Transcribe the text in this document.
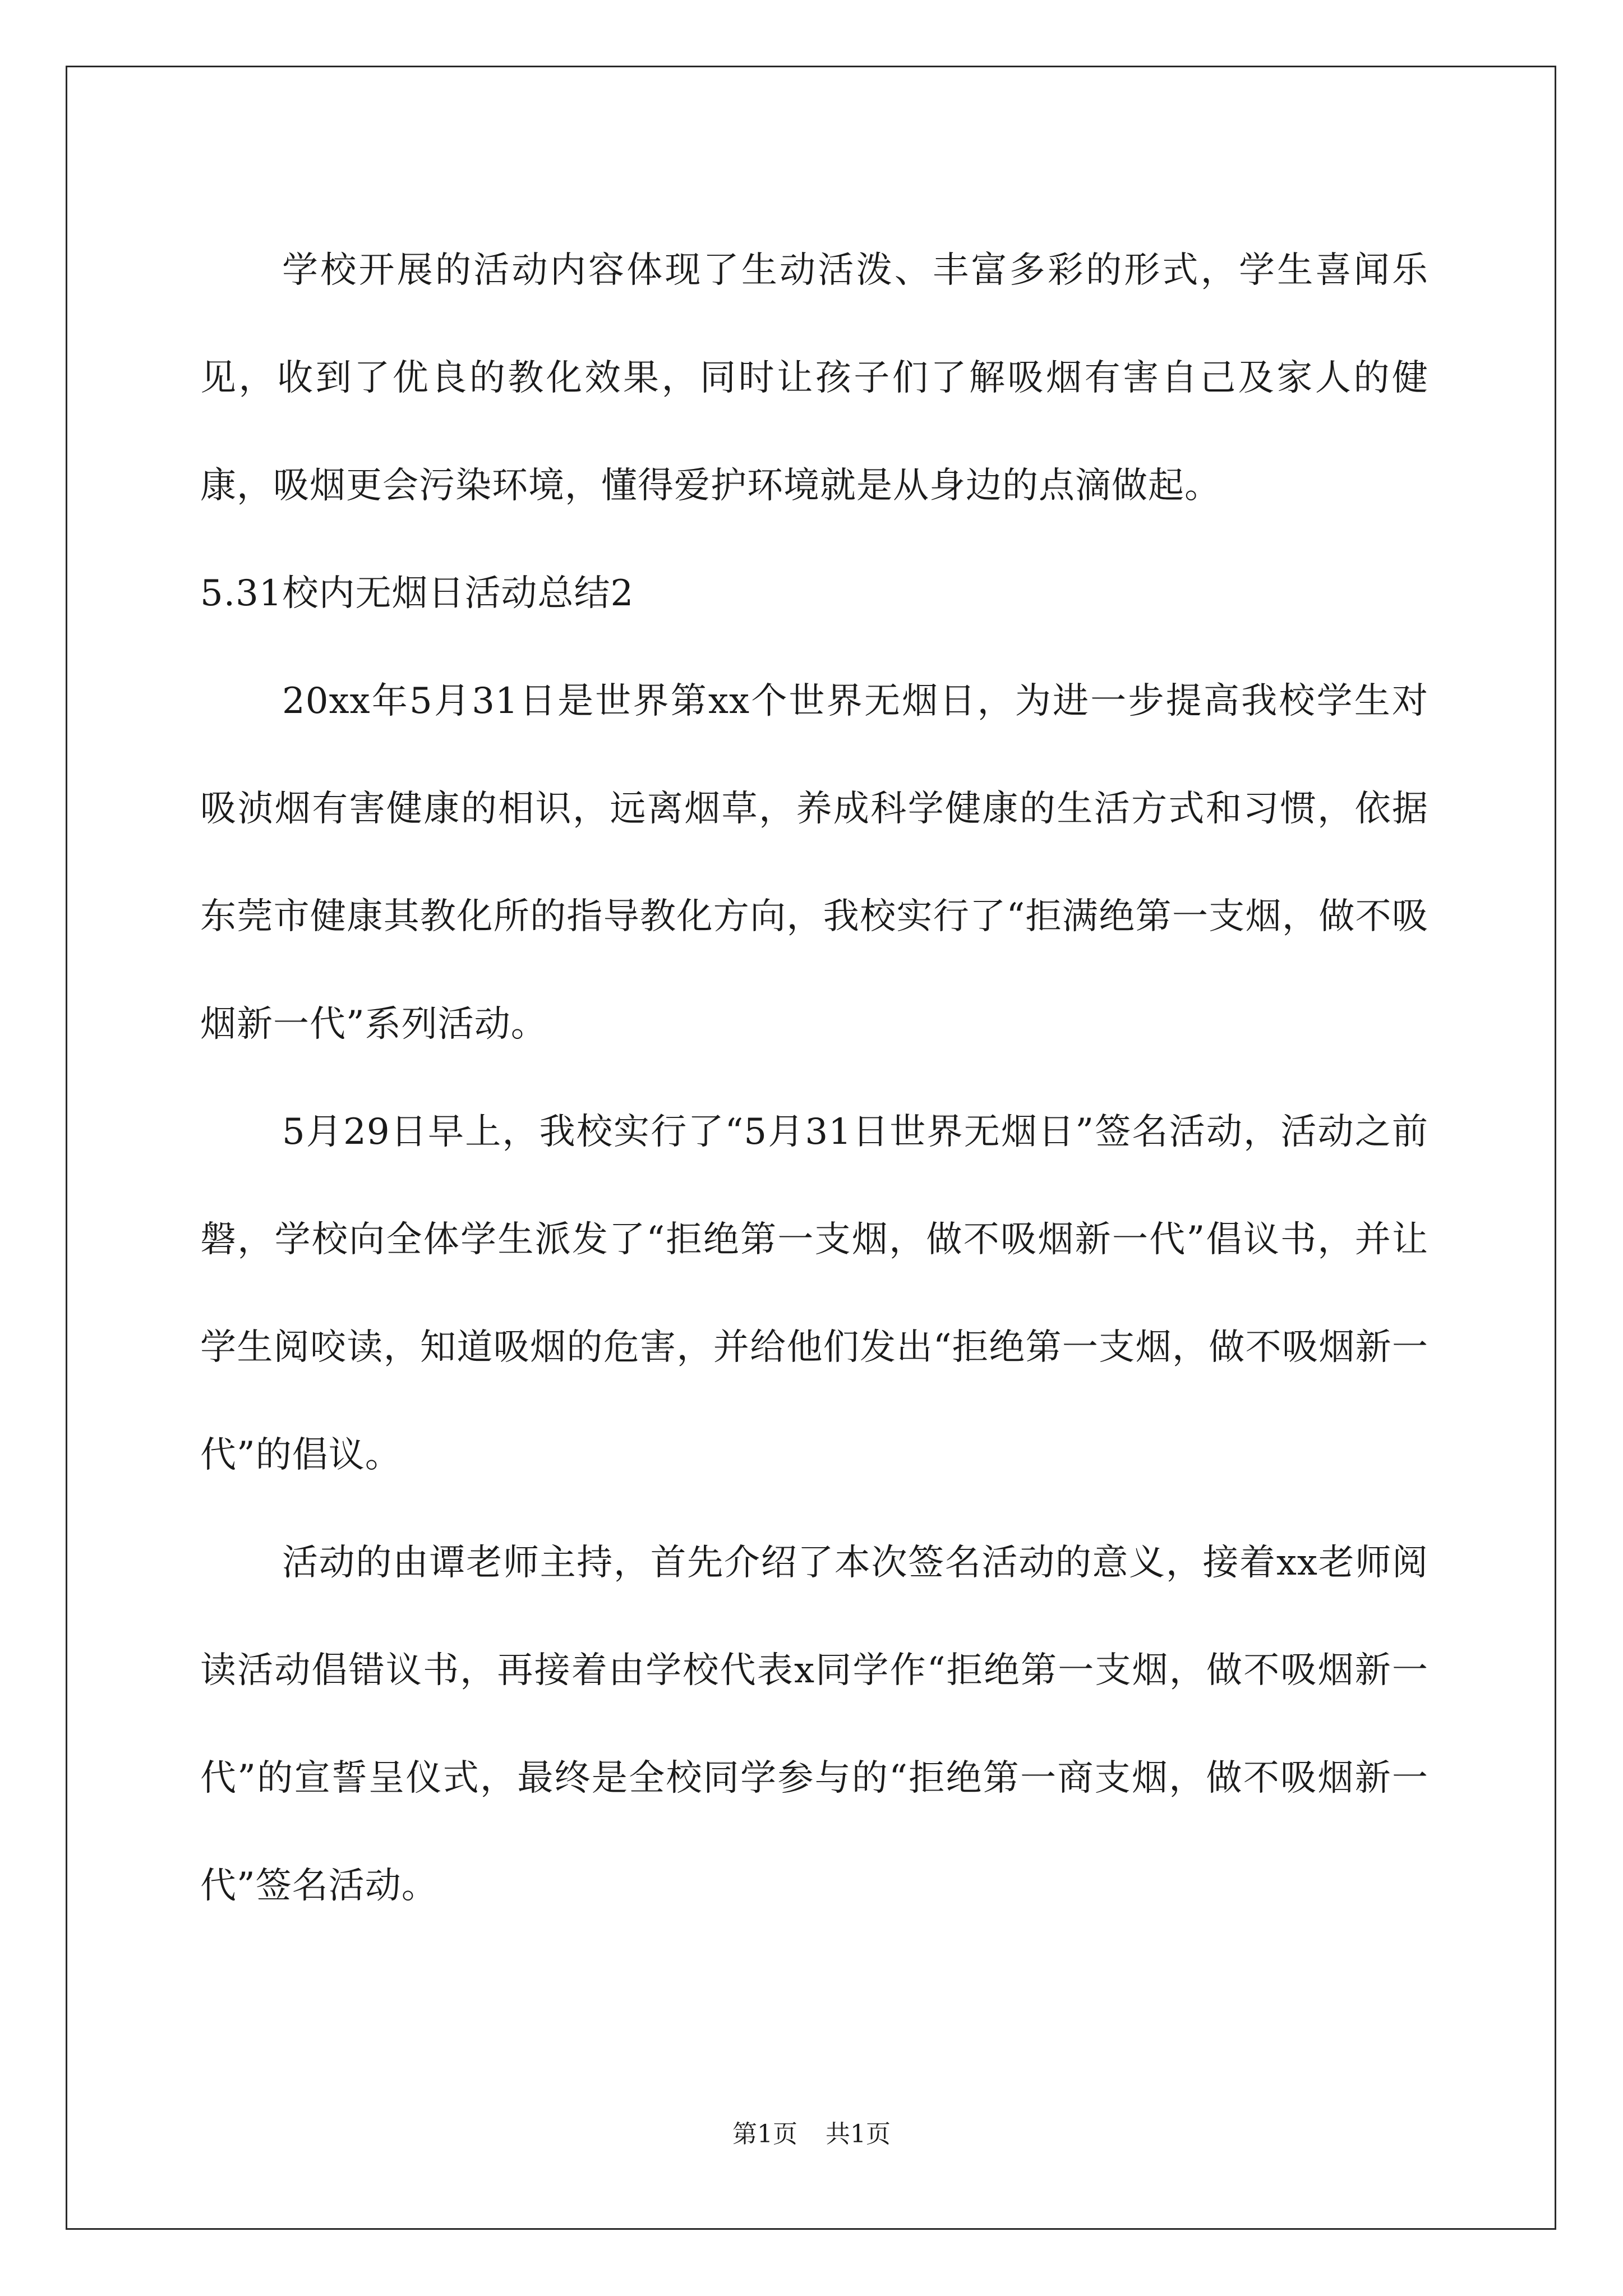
学校开展的活动内容体现了生动活泼、丰富多彩的形式，学生喜闻乐见，收到了优良的教化效果，同时让孩子们了解吸烟有害自己及家人的健康，吸烟更会污染环境，懂得爱护环境就是从身边的点滴做起。

5.31校内无烟日活动总结2

20xx年5月31日是世界第xx个世界无烟日，为进一步提高我校学生对吸浈烟有害健康的相识，远离烟草，养成科学健康的生活方式和习惯，依据东莞市健康其教化所的指导教化方向，我校实行了“拒满绝第一支烟，做不吸烟新一代”系列活动。

5月29日早上，我校实行了“5月31日世界无烟日”签名活动，活动之前磐，学校向全体学生派发了“拒绝第一支烟，做不吸烟新一代”倡议书，并让学生阅咬读，知道吸烟的危害，并给他们发出“拒绝第一支烟，做不吸烟新一代”的倡议。

活动的由谭老师主持，首先介绍了本次签名活动的意义，接着xx老师阅读活动倡错议书，再接着由学校代表x同学作“拒绝第一支烟，做不吸烟新一代”的宣誓呈仪式，最终是全校同学参与的“拒绝第一商支烟，做不吸烟新一代”签名活动。

第1页 共1页
